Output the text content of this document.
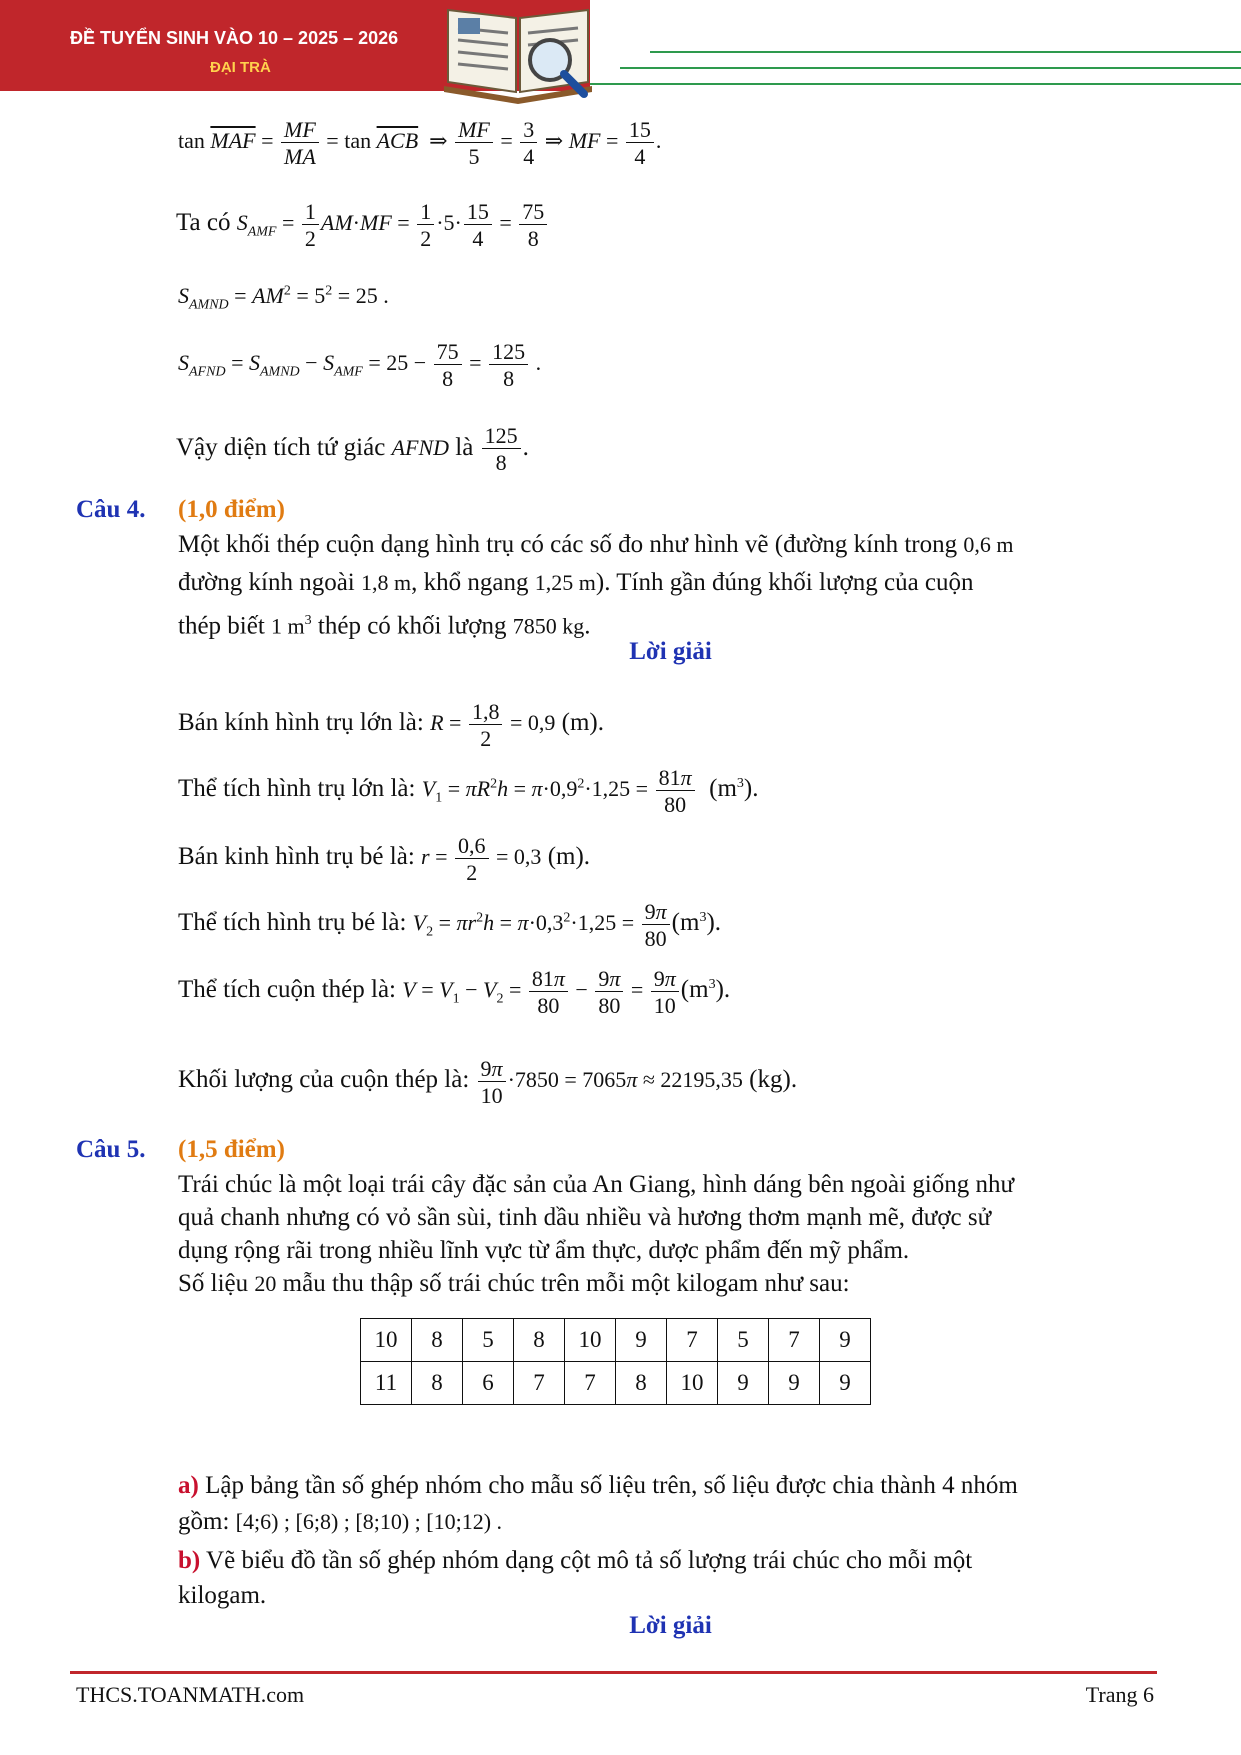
ĐỀ TUYỂN SINH VÀO 10 – 2025 – 2026
ĐẠI TRÀ
$\tan \overline{MAF} = \frac{MF}{MA} = \tan \overline{ACB}$  ⇒ $\frac{MF}{5} = \frac{3}{4}$ ⇒ MF = $\frac{15}{4}$ .
Ta có $S_{AMF} = \frac{1}{2} AM\cdot MF = \frac{1}{2} \cdot 5\cdot \frac{15}{4} = \frac{75}{8}$
$S_{AMND} = AM^2 = 5^2 = 25$ .
$S_{AFND} = S_{AMND} - S_{AMF} = 25 - \frac{75}{8} = \frac{125}{8}$ .
Vậy diện tích tứ giác AFND là $\frac{125}{8}$ .
Câu 4. (1,0 điểm)
Một khối thép cuộn dạng hình trụ có các số đo như hình vẽ (đường kính trong 0,6 m
đường kính ngoài 1,8 m, khổ ngang 1,25 m). Tính gần đúng khối lượng của cuộn
thép biết 1 $m^3$ thép có khối lượng 7850 kg.
Lời giải
Bán kính hình trụ lớn là: $R = \frac{1,8}{2} = 0,9$ (m).
Thể tích hình trụ lớn là: $V_1 = \pi R^2h = \pi\cdot 0,9^2\cdot 1,25 = \frac{81\pi}{80} (m^3)$.
Bán kinh hình trụ bé là: $r = \frac{0,6}{2} = 0,3$ (m).
Thể tích hình trụ bé là: $V_2 = \pi r^2h = \pi\cdot 0,3^2\cdot 1,25 = \frac{9\pi}{80} (m^3)$.
Thể tích cuộn thép là: $V = V_1 - V_2 = \frac{81\pi}{80} - \frac{9\pi}{80} = \frac{9\pi}{10} (m^3)$.
Khối lượng của cuộn thép là: $\frac{9\pi}{10} \cdot 7850 = 7065\pi \approx 22195,35$ (kg).
Câu 5. (1,5 điểm)
Trái chúc là một loại trái cây đặc sản của An Giang, hình dáng bên ngoài giống như
quả chanh nhưng có vỏ sần sùi, tinh dầu nhiều và hương thơm mạnh mẽ, được sử
dụng rộng rãi trong nhiều lĩnh vực từ ẩm thực, dược phẩm đến mỹ phẩm.
Số liệu 20 mẫu thu thập số trái chúc trên mỗi một kilogam như sau:
10	8	5	8	10	9	7	5	7	9
11	8	6	7	7	8	10	9	9	9
a) Lập bảng tần số ghép nhóm cho mẫu số liệu trên, số liệu được chia thành 4 nhóm
gồm: [4;6) ; [6;8) ; [8;10) ; [10;12) .
b) Vẽ biểu đồ tần số ghép nhóm dạng cột mô tả số lượng trái chúc cho mỗi một
kilogam.
Lời giải
THCS.TOANMATH.com	Trang 6
